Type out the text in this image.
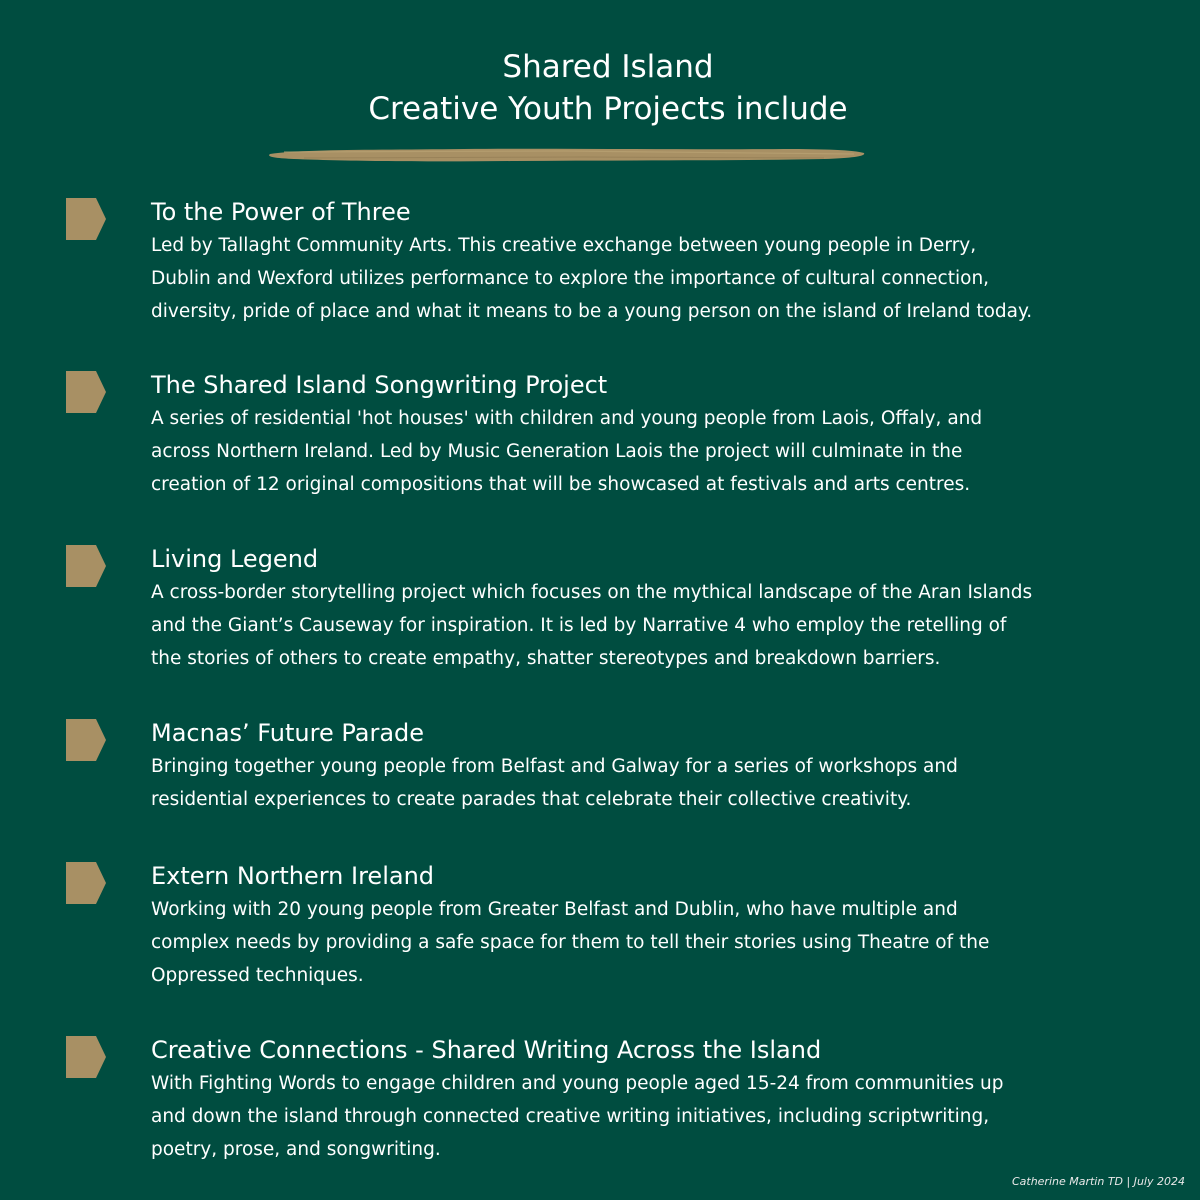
Shared Island
Creative Youth Projects include
To the Power of Three

Led by Tallaght Community Arts. This creative exchange between young people in Derry,
Dublin and Wexford utilizes performance to explore the importance of cultural connection,
diversity, pride of place and what it means to be a young person on the island of Ireland today.

The Shared Island Songwriting Project

A series of residential 'hot houses' with children and young people from Laois, Offaly, and
across Northern Ireland. Led by Music Generation Laois the project will culminate in the
creation of 12 original compositions that will be showcased at festivals and arts centres.

Living Legend

A cross-border storytelling project which focuses on the mythical landscape of the Aran Islands
and the Giant’s Causeway for inspiration. It is led by Narrative 4 who employ the retelling of
the stories of others to create empathy, shatter stereotypes and breakdown barriers.

Macnas’ Future Parade

Bringing together young people from Belfast and Galway for a series of workshops and
residential experiences to create parades that celebrate their collective creativity.

Extern Northern Ireland

Working with 20 young people from Greater Belfast and Dublin, who have multiple and
complex needs by providing a safe space for them to tell their stories using Theatre of the
Oppressed techniques.

Creative Connections - Shared Writing Across the Island

With Fighting Words to engage children and young people aged 15-24 from communities up
and down the island through connected creative writing initiatives, including scriptwriting,
poetry, prose, and songwriting.

Catherine Martin TD | July 2024
